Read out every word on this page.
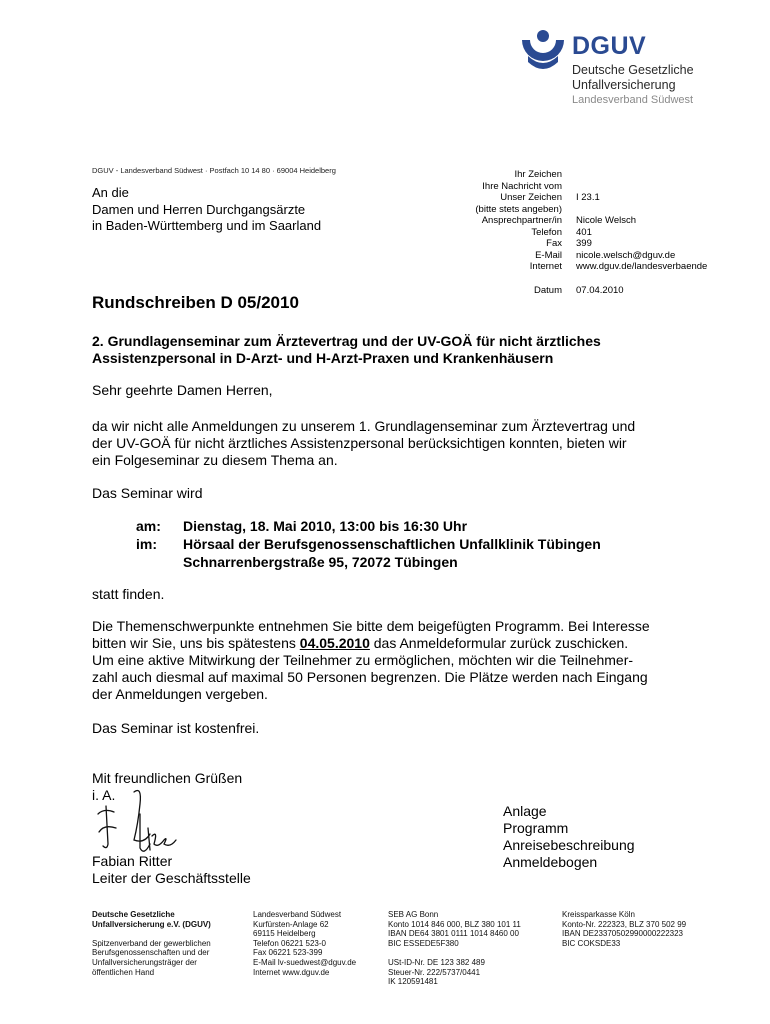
DGUV
Deutsche Gesetzliche
Unfallversicherung
Landesverband Südwest
DGUV - Landesverband Südwest · Postfach 10 14 80 · 69004 Heidelberg
An die
Damen und Herren Durchgangsärzte
in Baden-Württemberg und im Saarland
Ihr Zeichen
Ihre Nachricht vom
Unser Zeichen I 23.1
(bitte stets angeben)
Ansprechpartner/in Nicole Welsch
Telefon 401
Fax 399
E-Mail nicole.welsch@dguv.de
Internet www.dguv.de/landesverbaende
Datum 07.04.2010
Rundschreiben D 05/2010
2. Grundlagenseminar zum Ärztevertrag und der UV-GOÄ für nicht ärztliches
Assistenzpersonal in D-Arzt- und H-Arzt-Praxen und Krankenhäusern
Sehr geehrte Damen Herren,
da wir nicht alle Anmeldungen zu unserem 1. Grundlagenseminar zum Ärztevertrag und
der UV-GOÄ für nicht ärztliches Assistenzpersonal berücksichtigen konnten, bieten wir
ein Folgeseminar zu diesem Thema an.
Das Seminar wird
am: Dienstag, 18. Mai 2010, 13:00 bis 16:30 Uhr
im: Hörsaal der Berufsgenossenschaftlichen Unfallklinik Tübingen
Schnarrenbergstraße 95, 72072 Tübingen
statt finden.
Die Themenschwerpunkte entnehmen Sie bitte dem beigefügten Programm. Bei Interesse
bitten wir Sie, uns bis spätestens 04.05.2010 das Anmeldeformular zurück zuschicken.
Um eine aktive Mitwirkung der Teilnehmer zu ermöglichen, möchten wir die Teilnehmer-
zahl auch diesmal auf maximal 50 Personen begrenzen. Die Plätze werden nach Eingang
der Anmeldungen vergeben.
Das Seminar ist kostenfrei.
Mit freundlichen Grüßen
i. A.
Fabian Ritter
Leiter der Geschäftsstelle
Anlage
Programm
Anreisebeschreibung
Anmeldebogen
Deutsche Gesetzliche
Unfallversicherung e.V. (DGUV)
Spitzenverband der gewerblichen
Berufsgenossenschaften und der
Unfallversicherungsträger der
öffentlichen Hand
Landesverband Südwest
Kurfürsten-Anlage 62
69115 Heidelberg
Telefon 06221 523-0
Fax 06221 523-399
E-Mail lv-suedwest@dguv.de
Internet www.dguv.de
SEB AG Bonn
Konto 1014 846 000, BLZ 380 101 11
IBAN DE64 3801 0111 1014 8460 00
BIC ESSEDE5F380
USt-ID-Nr. DE 123 382 489
Steuer-Nr. 222/5737/0441
IK 120591481
Kreissparkasse Köln
Konto-Nr. 222323, BLZ 370 502 99
IBAN DE23370502990000222323
BIC COKSDE33
